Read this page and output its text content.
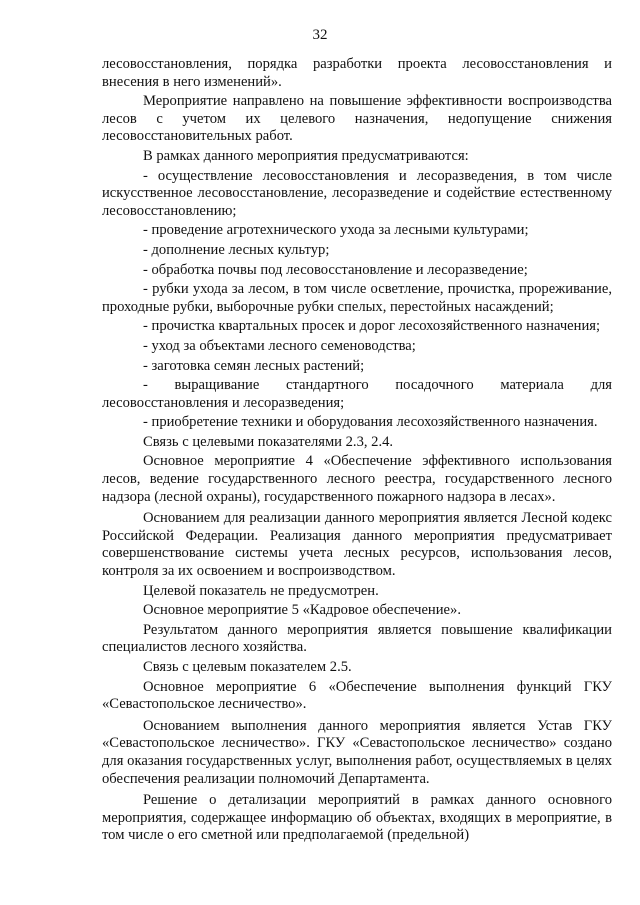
32

лесовосстановления, порядка разработки проекта лесовосстановления и внесения в него изменений».

Мероприятие направлено на повышение эффективности воспроизводства лесов с учетом их целевого назначения, недопущение снижения лесовосстановительных работ.

В рамках данного мероприятия предусматриваются:

- осуществление лесовосстановления и лесоразведения, в том числе искусственное лесовосстановление, лесоразведение и содействие естественному лесовосстановлению;

- проведение агротехнического ухода за лесными культурами;

- дополнение лесных культур;

- обработка почвы под лесовосстановление и лесоразведение;

- рубки ухода за лесом, в том числе осветление, прочистка, прореживание, проходные рубки, выборочные рубки спелых, перестойных насаждений;

- прочистка квартальных просек и дорог лесохозяйственного назначения;

- уход за объектами лесного семеноводства;

- заготовка семян лесных растений;

- выращивание стандартного посадочного материала для лесовосстановления и лесоразведения;

- приобретение техники и оборудования лесохозяйственного назначения.

Связь с целевыми показателями 2.3, 2.4.

Основное мероприятие 4 «Обеспечение эффективного использования лесов, ведение государственного лесного реестра, государственного лесного надзора (лесной охраны), государственного пожарного надзора в лесах».

Основанием для реализации данного мероприятия является Лесной кодекс Российской Федерации. Реализация данного мероприятия предусматривает совершенствование системы учета лесных ресурсов, использования лесов, контроля за их освоением и воспроизводством.

Целевой показатель не предусмотрен.

Основное мероприятие 5 «Кадровое обеспечение».

Результатом данного мероприятия является повышение квалификации специалистов лесного хозяйства.

Связь с целевым показателем 2.5.

Основное мероприятие 6 «Обеспечение выполнения функций ГКУ «Севастопольское лесничество».

Основанием выполнения данного мероприятия является Устав ГКУ «Севастопольское лесничество». ГКУ «Севастопольское лесничество» создано для оказания государственных услуг, выполнения работ, осуществляемых в целях обеспечения реализации полномочий Департамента.

Решение о детализации мероприятий в рамках данного основного мероприятия, содержащее информацию об объектах, входящих в мероприятие, в том числе о его сметной или предполагаемой (предельной)
